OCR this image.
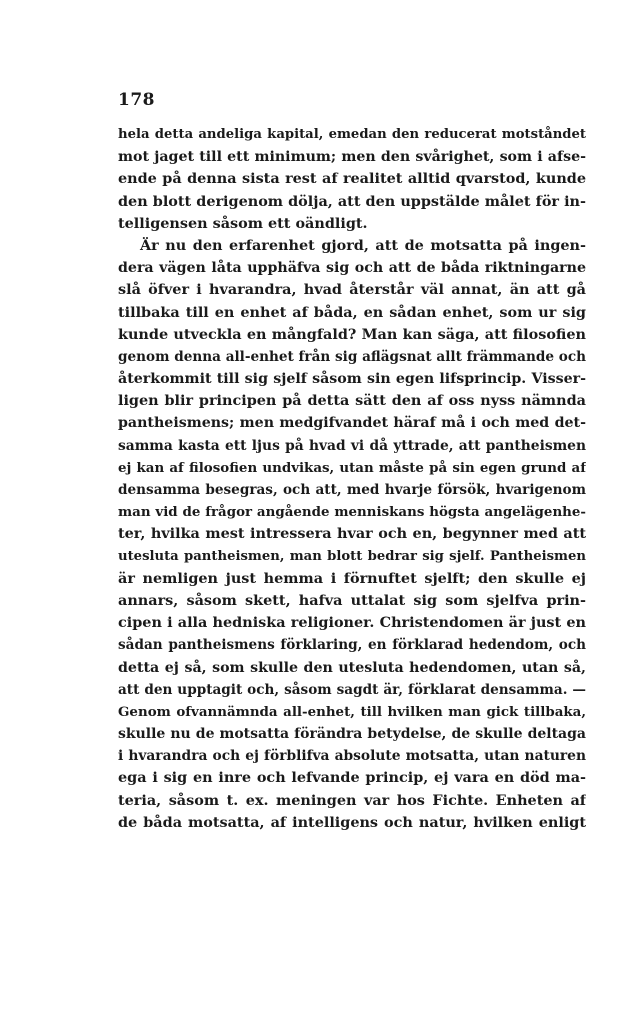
178
hela detta andeliga kapital, emedan den reducerat motståndet
mot jaget till ett minimum; men den svårighet, som i afse-
ende på denna sista rest af realitet alltid qvarstod, kunde
den blott derigenom dölja, att den uppstälde målet för in-
telligensen såsom ett oändligt.
Är nu den erfarenhet gjord, att de motsatta på ingen-
dera vägen låta upphäfva sig och att de båda riktningarne
slå öfver i hvarandra, hvad återstår väl annat, än att gå
tillbaka till en enhet af båda, en sådan enhet, som ur sig
kunde utveckla en mångfald? Man kan säga, att filosofien
genom denna all-enhet från sig aflägsnat allt främmande och
återkommit till sig sjelf såsom sin egen lifsprincip. Visser-
ligen blir principen på detta sätt den af oss nyss nämnda
pantheismens; men medgifvandet häraf må i och med det-
samma kasta ett ljus på hvad vi då yttrade, att pantheismen
ej kan af filosofien undvikas, utan måste på sin egen grund af
densamma besegras, och att, med hvarje försök, hvarigenom
man vid de frågor angående menniskans högsta angelägenhe-
ter, hvilka mest intressera hvar och en, begynner med att
utesluta pantheismen, man blott bedrar sig sjelf. Pantheismen
är nemligen just hemma i förnuftet sjelft; den skulle ej
annars, såsom skett, hafva uttalat sig som sjelfva prin-
cipen i alla hedniska religioner. Christendomen är just en
sådan pantheismens förklaring, en förklarad hedendom, och
detta ej så, som skulle den utesluta hedendomen, utan så,
att den upptagit och, såsom sagdt är, förklarat densamma. —
Genom ofvannämnda all-enhet, till hvilken man gick tillbaka,
skulle nu de motsatta förändra betydelse, de skulle deltaga
i hvarandra och ej förblifva absolute motsatta, utan naturen
ega i sig en inre och lefvande princip, ej vara en död ma-
teria, såsom t. ex. meningen var hos Fichte. Enheten af
de båda motsatta, af intelligens och natur, hvilken enligt
